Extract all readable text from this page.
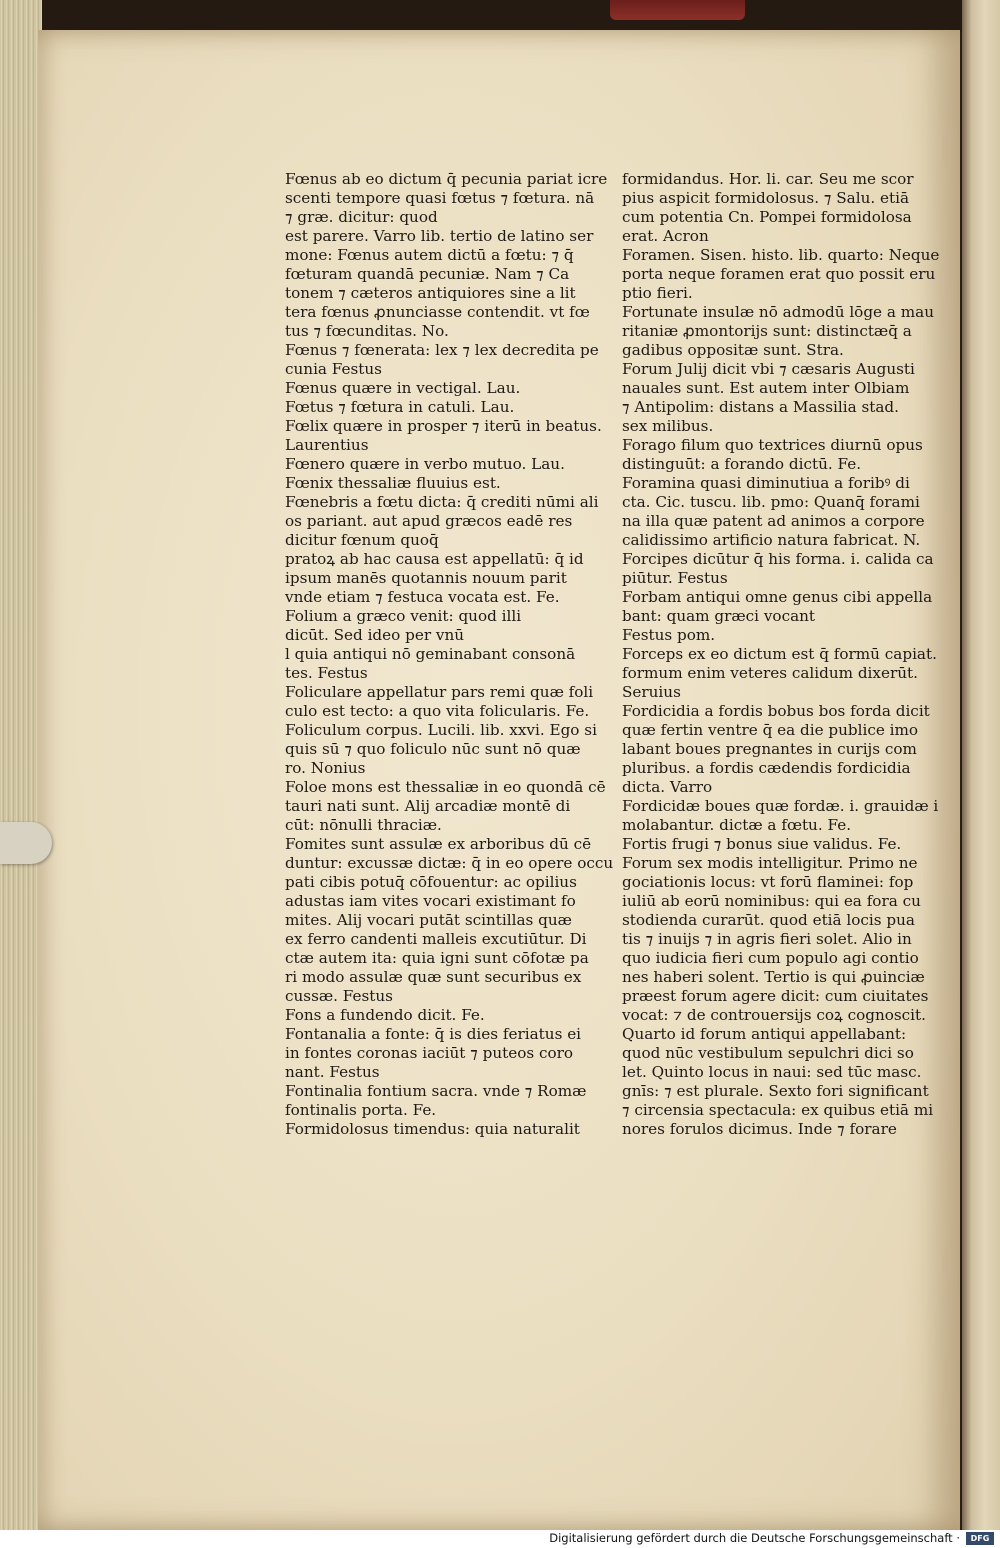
Fœnus ab eo dictum q̄ pecunia pariat icre
scenti tempore quasi fœtus ⁊ fœtura. nā
⁊ græ. dicitur: quod
est parere. Varro lib. tertio de latino ser
mone: Fœnus autem dictū a fœtu: ⁊ q̄
fœturam quandā pecuniæ. Nam ⁊ Ca
tonem ⁊ cæteros antiquiores sine a lit
tera fœnus ꝓnunciasse contendit. vt fœ
tus ⁊ fœcunditas. No.
Fœnus ⁊ fœnerata: lex ⁊ lex decredita pe
cunia Festus
Fœnus quære in vectigal. Lau.
Fœtus ⁊ fœtura in catuli. Lau.
Fœlix quære in prosper ⁊ iterū in beatus.
Laurentius
Fœnero quære in verbo mutuo. Lau.
Fœnix thessaliæ fluuius est.
Fœnebris a fœtu dicta: q̄ crediti nūmi ali
os pariant. aut apud græcos eadē res
dicitur fœnum quoq̄
pratoꝝ ab hac causa est appellatū: q̄ id
ipsum manēs quotannis nouum parit
vnde etiam ⁊ festuca vocata est. Fe.
Folium a græco venit: quod illi
dicūt. Sed ideo per vnū
l quia antiqui nō geminabant consonā
tes. Festus
Foliculare appellatur pars remi quæ foli
culo est tecto: a quo vita folicularis. Fe.
Foliculum corpus. Lucili. lib. xxvi. Ego si
quis sū ⁊ quo foliculo nūc sunt nō quæ
ro. Nonius
Foloe mons est thessaliæ in eo quondā cē
tauri nati sunt. Alij arcadiæ montē di
cūt: nōnulli thraciæ.
Fomites sunt assulæ ex arboribus dū cē
duntur: excussæ dictæ: q̄ in eo opere occu
pati cibis potuq̄ cōfouentur: ac opilius
adustas iam vites vocari existimant fo
mites. Alij vocari putāt scintillas quæ
ex ferro candenti malleis excutiūtur. Di
ctæ autem ita: quia igni sunt cōfotæ pa
ri modo assulæ quæ sunt securibus ex
cussæ. Festus
Fons a fundendo dicit. Fe.
Fontanalia a fonte: q̄ is dies feriatus ei
in fontes coronas iaciūt ⁊ puteos coro
nant. Festus
Fontinalia fontium sacra. vnde ⁊ Romæ
fontinalis porta. Fe.
Formidolosus timendus: quia naturalit
formidandus. Hor. li. car. Seu me scor
pius aspicit formidolosus. ⁊ Salu. etiā
cum potentia Cn. Pompei formidolosa
erat. Acron
Foramen. Sisen. histo. lib. quarto: Neque
porta neque foramen erat quo possit eru
ptio fieri.
Fortunate insulæ nō admodū lōge a mau
ritaniæ ꝓmontorijs sunt: distinctæq̄ a
gadibus oppositæ sunt. Stra.
Forum Julij dicit vbi ⁊ cæsaris Augusti
nauales sunt. Est autem inter Olbiam
⁊ Antipolim: distans a Massilia stad.
sex milibus.
Forago filum quo textrices diurnū opus
distinguūt: a forando dictū. Fe.
Foramina quasi diminutiua a foribꝰ di
cta. Cic. tuscu. lib. pmo: Quanq̄ forami
na illa quæ patent ad animos a corpore
calidissimo artificio natura fabricat. N.
Forcipes dicūtur q̄ his forma. i. calida ca
piūtur. Festus
Forbam antiqui omne genus cibi appella
bant: quam græci vocant
Festus pom.
Forceps ex eo dictum est q̄ formū capiat.
formum enim veteres calidum dixerūt.
Seruius
Fordicidia a fordis bobus bos forda dicit
quæ fertin ventre q̄ ea die publice imo
labant boues pregnantes in curijs com
pluribus. a fordis cædendis fordicidia
dicta. Varro
Fordicidæ boues quæ fordæ. i. grauidæ i
molabantur. dictæ a fœtu. Fe.
Fortis frugi ⁊ bonus siue validus. Fe.
Forum sex modis intelligitur. Primo ne
gociationis locus: vt forū flaminei: fop
iuliū ab eorū nominibus: qui ea fora cu
stodienda curarūt. quod etiā locis pua
tis ⁊ inuijs ⁊ in agris fieri solet. Alio in
quo iudicia fieri cum populo agi contio
nes haberi solent. Tertio is qui ꝓuinciæ
præest forum agere dicit: cum ciuitates
vocat: ⁊ de controuersijs coꝝ cognoscit.
Quarto id forum antiqui appellabant:
quod nūc vestibulum sepulchri dici so
let. Quinto locus in naui: sed tūc masc.
gnīs: ⁊ est plurale. Sexto fori significant
⁊ circensia spectacula: ex quibus etiā mi
nores forulos dicimus. Inde ⁊ forare
Digitalisierung gefördert durch die Deutsche Forschungsgemeinschaft ·	DFG
